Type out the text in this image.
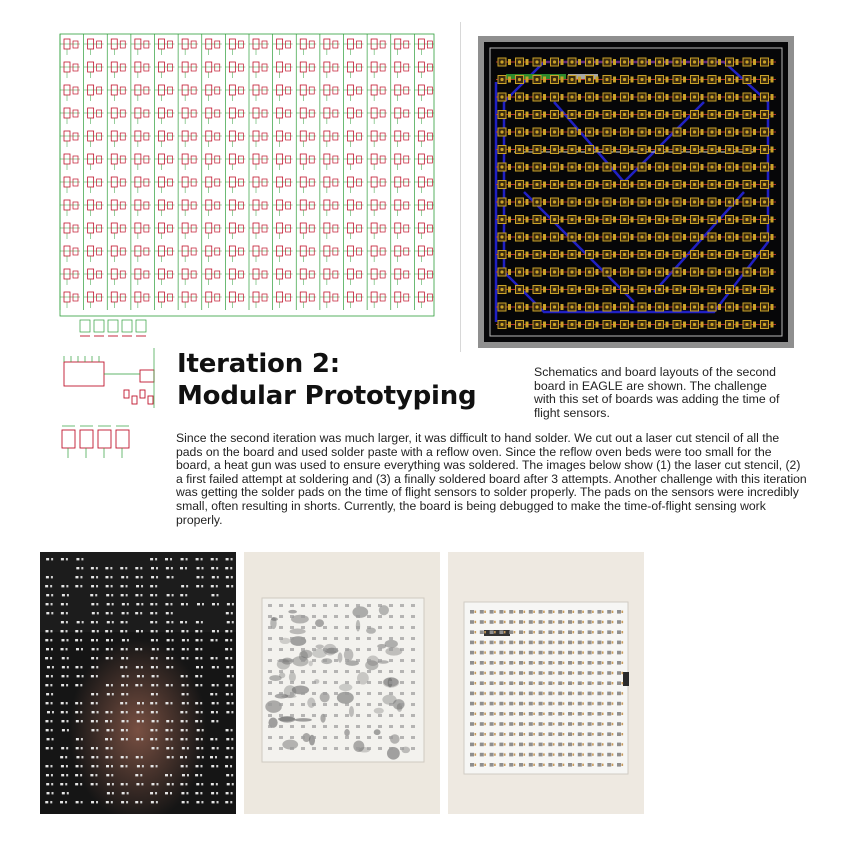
Iteration 2:
Modular Prototyping

Schematics and board layouts of the second board in EAGLE are shown. The challenge with this set of boards was adding the time of flight sensors.

Since the second iteration was much larger, it was difficult to hand solder. We cut out a laser cut stencil of all the pads on the board and used solder paste with a reflow oven. Since the reflow oven beds were too small for the board, a heat gun was used to ensure everything was soldered. The images below show (1) the laser cut stencil, (2) a first failed attempt at soldering and (3) a finally soldered board after 3 attempts. Another challenge with this iteration was getting the solder pads on the time of flight sensors to solder properly. The pads on the sensors were incredibly small, often resulting in shorts. Currently, the board is being debugged to make the time-of-flight sensing work properly.
